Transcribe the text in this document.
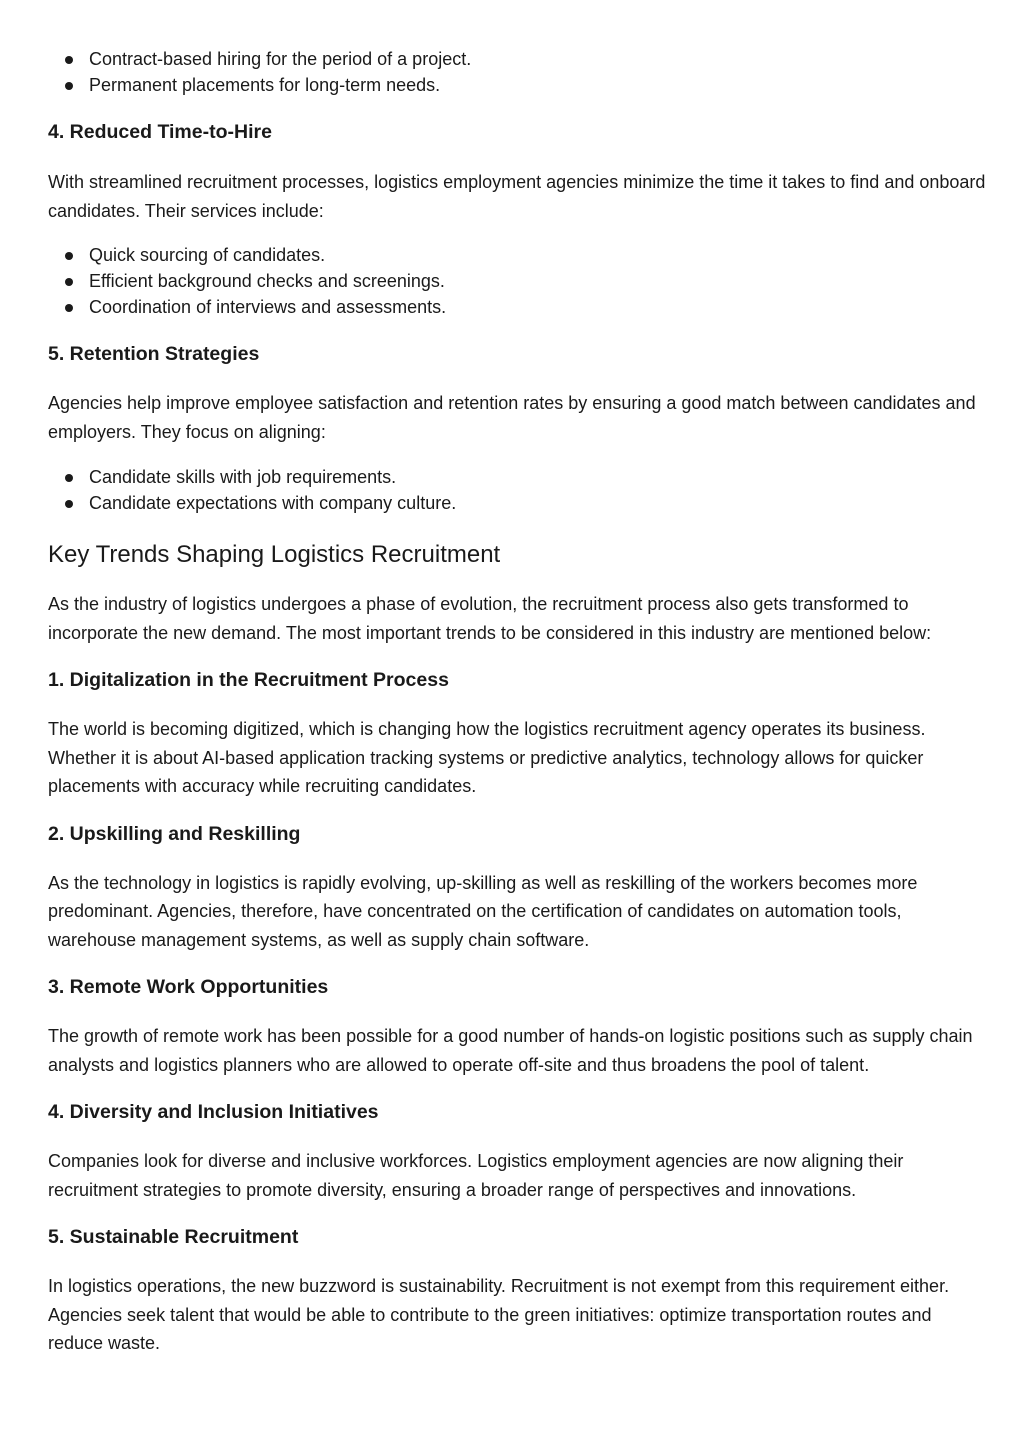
Contract-based hiring for the period of a project.
Permanent placements for long-term needs.
4. Reduced Time-to-Hire

With streamlined recruitment processes, logistics employment agencies minimize the time it takes to find and onboard candidates. Their services include:

Quick sourcing of candidates.
Efficient background checks and screenings.
Coordination of interviews and assessments.
5. Retention Strategies

Agencies help improve employee satisfaction and retention rates by ensuring a good match between candidates and employers. They focus on aligning:

Candidate skills with job requirements.
Candidate expectations with company culture.
Key Trends Shaping Logistics Recruitment

As the industry of logistics undergoes a phase of evolution, the recruitment process also gets transformed to incorporate the new demand. The most important trends to be considered in this industry are mentioned below:

1. Digitalization in the Recruitment Process

The world is becoming digitized, which is changing how the logistics recruitment agency operates its business. Whether it is about AI-based application tracking systems or predictive analytics, technology allows for quicker placements with accuracy while recruiting candidates.

2. Upskilling and Reskilling

As the technology in logistics is rapidly evolving, up-skilling as well as reskilling of the workers becomes more predominant. Agencies, therefore, have concentrated on the certification of candidates on automation tools, warehouse management systems, as well as supply chain software.

3. Remote Work Opportunities

The growth of remote work has been possible for a good number of hands-on logistic positions such as supply chain analysts and logistics planners who are allowed to operate off-site and thus broadens the pool of talent.

4. Diversity and Inclusion Initiatives

Companies look for diverse and inclusive workforces. Logistics employment agencies are now aligning their recruitment strategies to promote diversity, ensuring a broader range of perspectives and innovations.

5. Sustainable Recruitment

In logistics operations, the new buzzword is sustainability. Recruitment is not exempt from this requirement either. Agencies seek talent that would be able to contribute to the green initiatives: optimize transportation routes and reduce waste.
